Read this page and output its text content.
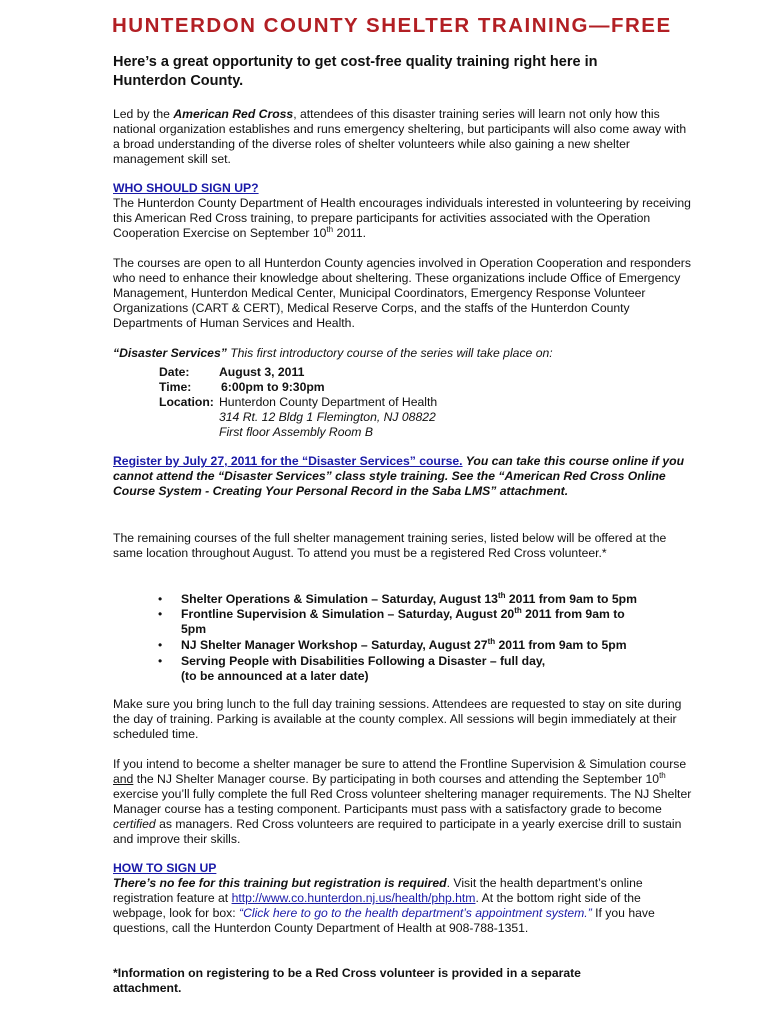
HUNTERDON COUNTY SHELTER TRAINING—FREE

Here’s a great opportunity to get cost-free quality training right here in Hunterdon County.

Led by the American Red Cross, attendees of this disaster training series will learn not only how this national organization establishes and runs emergency sheltering, but participants will also come away with a broad understanding of the diverse roles of shelter volunteers while also gaining a new shelter management skill set.

WHO SHOULD SIGN UP?
The Hunterdon County Department of Health encourages individuals interested in volunteering by receiving this American Red Cross training, to prepare participants for activities associated with the Operation Cooperation Exercise on September 10th 2011.

The courses are open to all Hunterdon County agencies involved in Operation Cooperation and responders who need to enhance their knowledge about sheltering. These organizations include Office of Emergency Management, Hunterdon Medical Center, Municipal Coordinators, Emergency Response Volunteer Organizations (CART & CERT), Medical Reserve Corps, and the staffs of the Hunterdon County Departments of Human Services and Health.

“Disaster Services” This first introductory course of the series will take place on:

Date: August 3, 2011
Time: 6:00pm to 9:30pm
Location: Hunterdon County Department of Health
314 Rt. 12 Bldg 1 Flemington, NJ 08822
First floor Assembly Room B

Register by July 27, 2011 for the “Disaster Services” course. You can take this course online if you cannot attend the “Disaster Services” class style training. See the “American Red Cross Online Course System - Creating Your Personal Record in the Saba LMS” attachment.

The remaining courses of the full shelter management training series, listed below will be offered at the same location throughout August. To attend you must be a registered Red Cross volunteer.*

• Shelter Operations & Simulation – Saturday, August 13th 2011 from 9am to 5pm

• Frontline Supervision & Simulation – Saturday, August 20th 2011 from 9am to 5pm

• NJ Shelter Manager Workshop – Saturday, August 27th 2011 from 9am to 5pm

• Serving People with Disabilities Following a Disaster – full day,
(to be announced at a later date)

Make sure you bring lunch to the full day training sessions. Attendees are requested to stay on site during the day of training. Parking is available at the county complex. All sessions will begin immediately at their scheduled time.

If you intend to become a shelter manager be sure to attend the Frontline Supervision & Simulation course and the NJ Shelter Manager course. By participating in both courses and attending the September 10th exercise you’ll fully complete the full Red Cross volunteer sheltering manager requirements. The NJ Shelter Manager course has a testing component. Participants must pass with a satisfactory grade to become certified as managers. Red Cross volunteers are required to participate in a yearly exercise drill to sustain and improve their skills.

HOW TO SIGN UP
There’s no fee for this training but registration is required. Visit the health department’s online registration feature at http://www.co.hunterdon.nj.us/health/php.htm. At the bottom right side of the webpage, look for box: “Click here to go to the health department’s appointment system.” If you have questions, call the Hunterdon County Department of Health at 908-788-1351.

*Information on registering to be a Red Cross volunteer is provided in a separate attachment.
